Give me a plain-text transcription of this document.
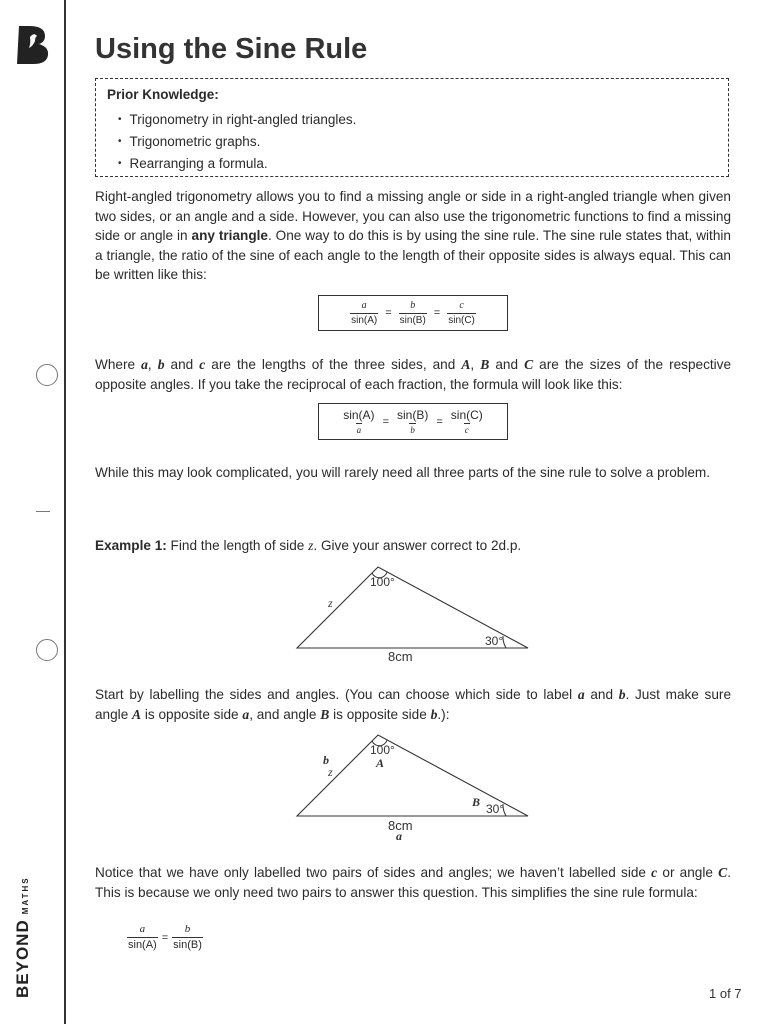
BEYOND
MATHS
Using the Sine Rule
Prior Knowledge:
• Trigonometry in right-angled triangles.
• Trigonometric graphs.
• Rearranging a formula.

Right-angled trigonometry allows you to find a missing angle or side in a right-angled triangle when given two sides, or an angle and a side. However, you can also use the trigonometric functions to find a missing side or angle in any triangle. One way to do this is by using the sine rule. The sine rule states that, within a triangle, the ratio of the sine of each angle to the length of their opposite sides is always equal. This can be written like this:

$\frac{a}{\sin(A)} = \frac{b}{\sin(B)} = \frac{c}{\sin(C)}$

Where a, b and c are the lengths of the three sides, and A, B and C are the sizes of the respective opposite angles. If you take the reciprocal of each fraction, the formula will look like this:

$\frac{\sin(A)}{a} = \frac{\sin(B)}{b} = \frac{\sin(C)}{c}$

While this may look complicated, you will rarely need all three parts of the sine rule to solve a problem.

Example 1: Find the length of side z. Give your answer correct to 2d.p.

100°
30°
z
8cm

Start by labelling the sides and angles. (You can choose which side to label a and b. Just make sure angle A is opposite side a, and angle B is opposite side b.):

100°
A
30°
B
b
z
8cm
a

Notice that we have only labelled two pairs of sides and angles; we haven’t labelled side c or angle C. This is because we only need two pairs to answer this question. This simplifies the sine rule formula:

$\frac{a}{\sin(A)} = \frac{b}{\sin(B)}$
1 of 7
